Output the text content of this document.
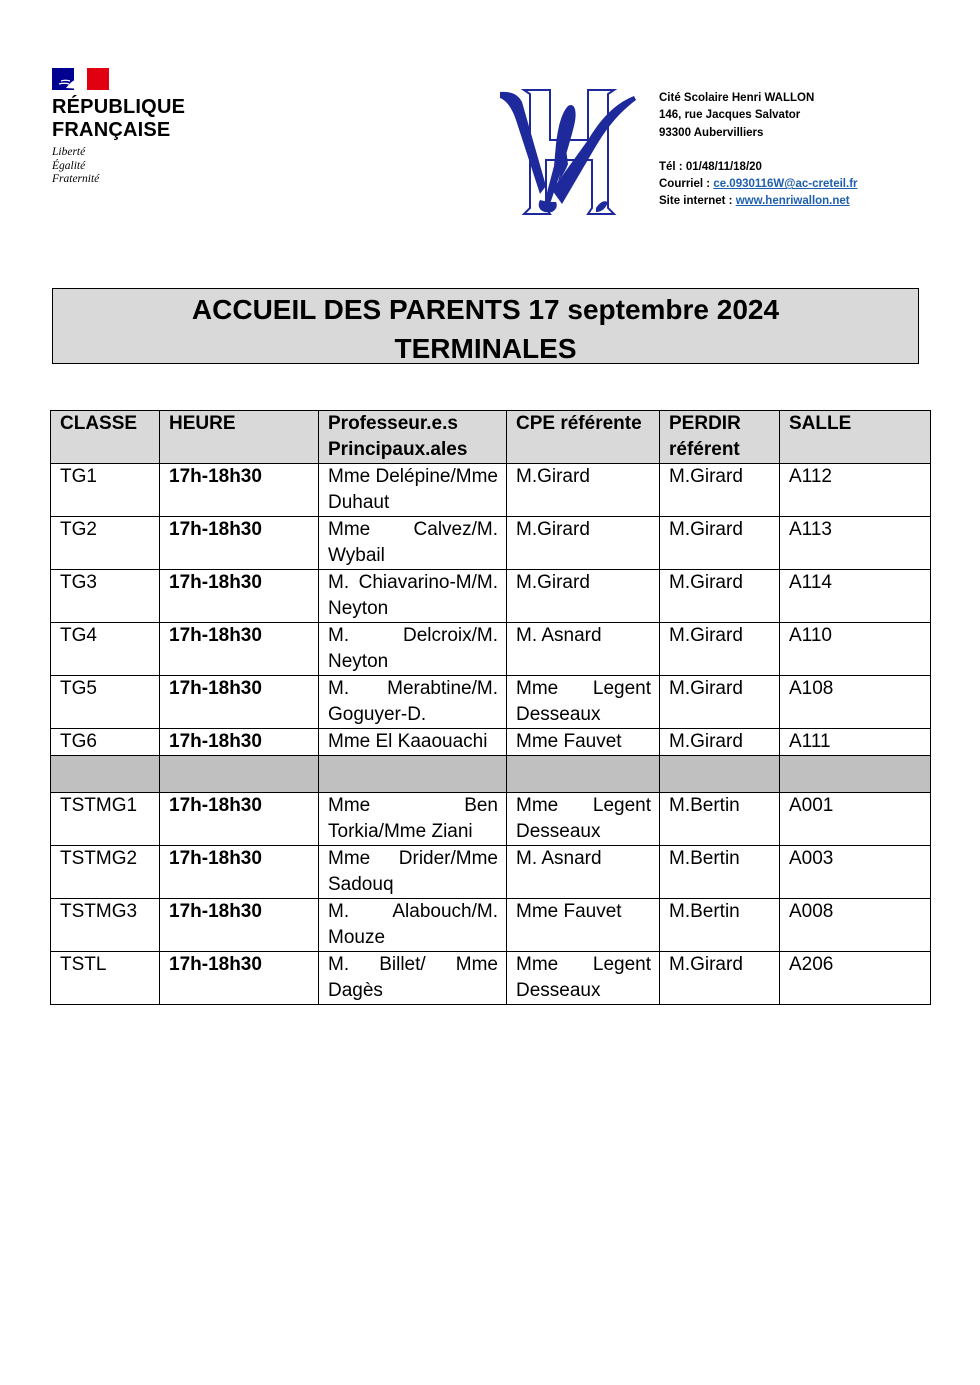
RÉPUBLIQUE
FRANÇAISE
Liberté
Égalité
Fraternité
Cité Scolaire Henri WALLON
146, rue Jacques Salvator
93300 Aubervilliers
Tél : 01/48/11/18/20
Courriel : ce.0930116W@ac-creteil.fr
Site internet : www.henriwallon.net
ACCUEIL DES PARENTS 17 septembre 2024
TERMINALES
CLASSE	HEURE	Professeur.e.s Principaux.ales	CPE référente	PERDIR référent	SALLE
TG1	17h-18h30	Mme Delépine/Mme Duhaut	M.Girard	M.Girard	A112
TG2	17h-18h30	Mme Calvez/M. Wybail	M.Girard	M.Girard	A113
TG3	17h-18h30	M. Chiavarino-M/M. Neyton	M.Girard	M.Girard	A114
TG4	17h-18h30	M. Delcroix/M. Neyton	M. Asnard	M.Girard	A110
TG5	17h-18h30	M. Merabtine/M. Goguyer-D.	Mme Legent Desseaux	M.Girard	A108
TG6	17h-18h30	Mme El Kaaouachi	Mme Fauvet	M.Girard	A111

TSTMG1	17h-18h30	Mme Ben Torkia/Mme Ziani	Mme Legent Desseaux	M.Bertin	A001
TSTMG2	17h-18h30	Mme Drider/Mme Sadouq	M. Asnard	M.Bertin	A003
TSTMG3	17h-18h30	M. Alabouch/M. Mouze	Mme Fauvet	M.Bertin	A008
TSTL	17h-18h30	M. Billet/ Mme Dagès	Mme Legent Desseaux	M.Girard	A206
